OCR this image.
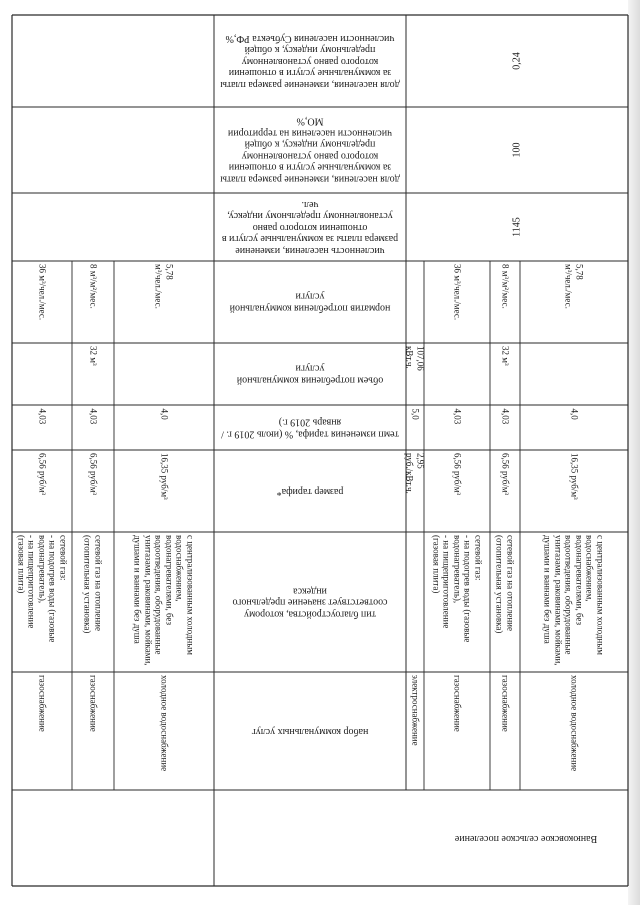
Ванюковское сельское поселение
доля населения, изменение размера платы за коммунальные услуги в отношении которого равно установленному предельному индексу, к общей численности населения Субъекта РФ,%
0,24
доля населения, изменение размера платы за коммунальные услуги в отношении которого равно установленному предельному индексу, к общей численности населения на территории МО,%
100
численность населения, изменение размера платы за коммунальные услуги в отношении которого равно установленному предельному индексу, чел.
1145
норматив потребления коммунальной услуги
объем потребления коммунальной услуги
темп изменения тарифа, % (июль 2019 г. /январь 2019 г.)
размер тарифа*
тип благоустройства, которому соответствует значение предельного индекса
набор коммунальных услуг
36 м³/чел./мес.
4,03
6,56 руб/м³
сетевой газ:
- на подогрев воды (газовые водонагреватель),
- на пищеприготовление
(газовая плита)
газоснабжение
8 м³/м²/мес.
32 м³
4,03
6,56 руб/м³
сетевой газ на отопление
(отопительная установка)
газоснабжение
5,78
м³/чел./мес.
4,0
16,35 руб/м³
с централизованным холодным водоснабжением, водонагревателями, без водоотведения, оборудованные унитазами, раковинами, мойками, душами и ваннами без душа
холодное водоснабжение
107,06
кВт.ч.
5,0
2,95
руб./кВт.ч.
электроснабжение
36 м³/чел./мес.
4,03
6,56 руб/м³
сетевой газ:
- на подогрев воды (газовые водонагреватель),
- на пищеприготовление
(газовая плита)
газоснабжение
8 м³/м²/мес.
32 м³
4,03
6,56 руб/м³
сетевой газ на отопление
(отопительная установка)
газоснабжение
5,78
м³/чел./мес.
4,0
16,35 руб/м³
с централизованным холодным водоснабжением, водонагревателями, без водоотведения, оборудованные унитазами, раковинами, мойками, душами и ваннами без душа
холодное водоснабжение
